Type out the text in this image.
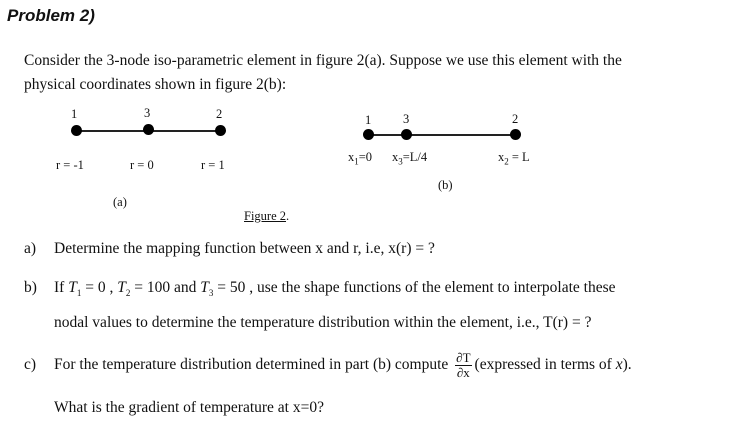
Problem 2)
Consider the 3-node iso-parametric element in figure 2(a). Suppose we use this element with the
physical coordinates shown in figure 2(b):
1	3	2
r = -1	r = 0	r = 1
(a)
1	3	2
$x_1=0$ $x_3=L/4$	$x_2 = L$
(b)
Figure 2.
a) Determine the mapping function between x and r, i.e, x(r) = ?
b) If $T_1 = 0$ , $T_2 = 100$ and $T_3 = 50$ , use the shape functions of the element to interpolate these
nodal values to determine the temperature distribution within the element, i.e., T(r) = ?
c) For the temperature distribution determined in part (b) compute $\frac{\partial T}{\partial x}$ (expressed in terms of x).
What is the gradient of temperature at x=0?
